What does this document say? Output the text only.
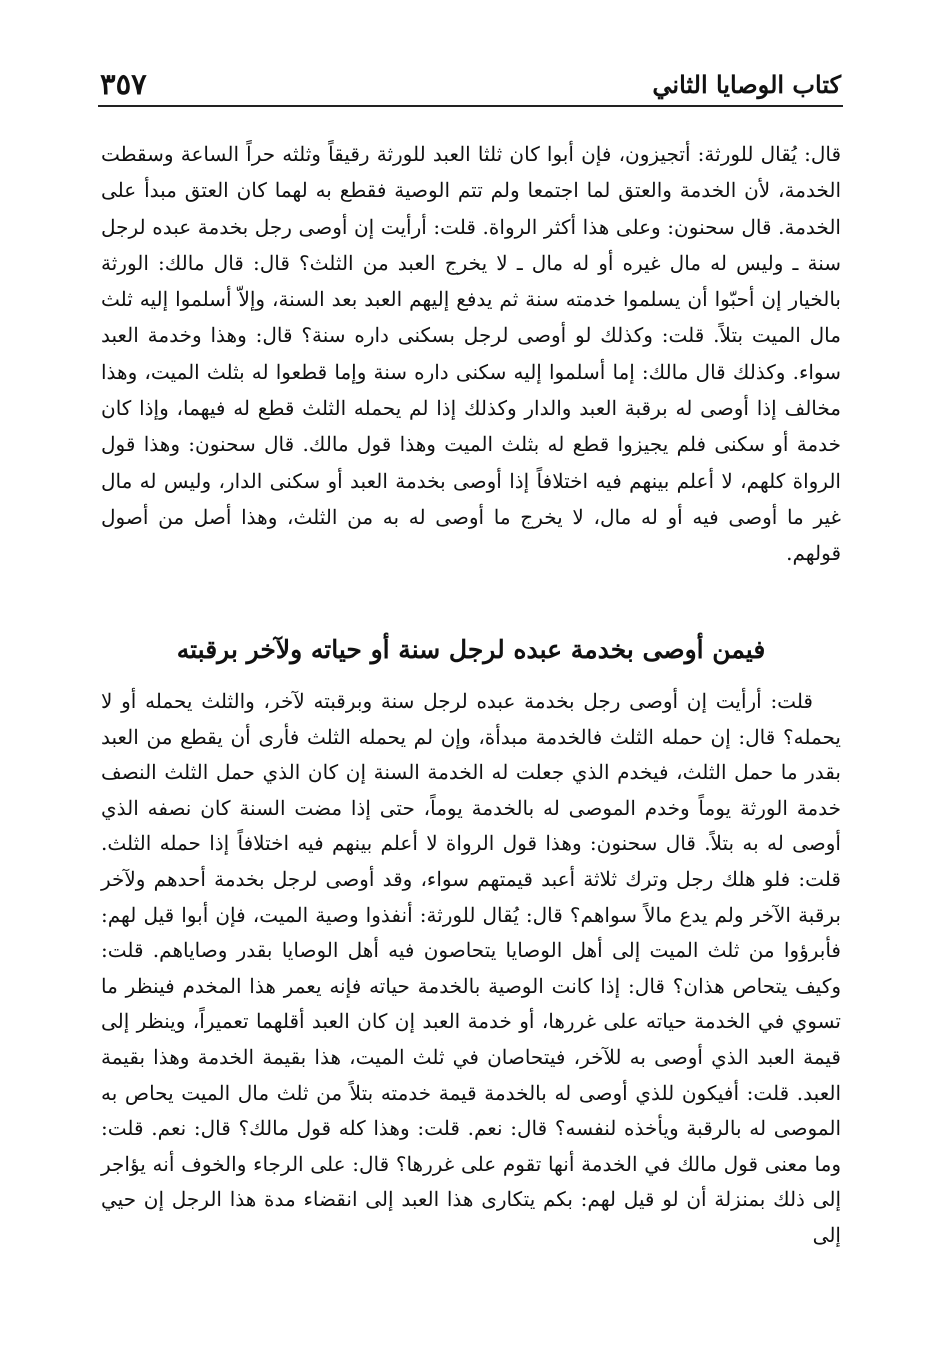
٣٥٧	كتاب الوصايا الثاني

قال: يُقال للورثة: أتجيزون، فإن أبوا كان ثلثا العبد للورثة رقيقاً وثلثه حراً الساعة وسقطت الخدمة، لأن الخدمة والعتق لما اجتمعا ولم تتم الوصية فقطع به لهما كان العتق مبدأ على الخدمة. قال سحنون: وعلى هذا أكثر الرواة. قلت: أرأيت إن أوصى رجل بخدمة عبده لرجل سنة ـ وليس له مال غيره أو له مال ـ لا يخرج العبد من الثلث؟ قال: قال مالك: الورثة بالخيار إن أحبّوا أن يسلموا خدمته سنة ثم يدفع إليهم العبد بعد السنة، وإلاّ أسلموا إليه ثلث مال الميت بتلاً. قلت: وكذلك لو أوصى لرجل بسكنى داره سنة؟ قال: وهذا وخدمة العبد سواء. وكذلك قال مالك: إما أسلموا إليه سكنى داره سنة وإما قطعوا له بثلث الميت، وهذا مخالف إذا أوصى له برقبة العبد والدار وكذلك إذا لم يحمله الثلث قطع له فيهما، وإذا كان خدمة أو سكنى فلم يجيزوا قطع له بثلث الميت وهذا قول مالك. قال سحنون: وهذا قول الرواة كلهم، لا أعلم بينهم فيه اختلافاً إذا أوصى بخدمة العبد أو سكنى الدار، وليس له مال غير ما أوصى فيه أو له مال، لا يخرج ما أوصى له به من الثلث، وهذا أصل من أصول قولهم.

فيمن أوصى بخدمة عبده لرجل سنة أو حياته ولآخر برقبته

قلت: أرأيت إن أوصى رجل بخدمة عبده لرجل سنة وبرقبته لآخر، والثلث يحمله أو لا يحمله؟ قال: إن حمله الثلث فالخدمة مبدأة، وإن لم يحمله الثلث فأرى أن يقطع من العبد بقدر ما حمل الثلث، فيخدم الذي جعلت له الخدمة السنة إن كان الذي حمل الثلث النصف خدمة الورثة يوماً وخدم الموصى له بالخدمة يوماً، حتى إذا مضت السنة كان نصفه الذي أوصى له به بتلاً. قال سحنون: وهذا قول الرواة لا أعلم بينهم فيه اختلافاً إذا حمله الثلث. قلت: فلو هلك رجل وترك ثلاثة أعبد قيمتهم سواء، وقد أوصى لرجل بخدمة أحدهم ولآخر برقبة الآخر ولم يدع مالاً سواهم؟ قال: يُقال للورثة: أنفذوا وصية الميت، فإن أبوا قيل لهم: فأبرؤوا من ثلث الميت إلى أهل الوصايا يتحاصون فيه أهل الوصايا بقدر وصاياهم. قلت: وكيف يتحاص هذان؟ قال: إذا كانت الوصية بالخدمة حياته فإنه يعمر هذا المخدم فينظر ما تسوي في الخدمة حياته على غررها، أو خدمة العبد إن كان العبد أقلهما تعميراً، وينظر إلى قيمة العبد الذي أوصى به للآخر، فيتحاصان في ثلث الميت، هذا بقيمة الخدمة وهذا بقيمة العبد. قلت: أفيكون للذي أوصى له بالخدمة قيمة خدمته بتلاً من ثلث مال الميت يحاص به الموصى له بالرقبة ويأخذه لنفسه؟ قال: نعم. قلت: وهذا كله قول مالك؟ قال: نعم. قلت: وما معنى قول مالك في الخدمة أنها تقوم على غررها؟ قال: على الرجاء والخوف أنه يؤاجر إلى ذلك بمنزلة أن لو قيل لهم: بكم يتكارى هذا العبد إلى انقضاء مدة هذا الرجل إن حيي إلى
